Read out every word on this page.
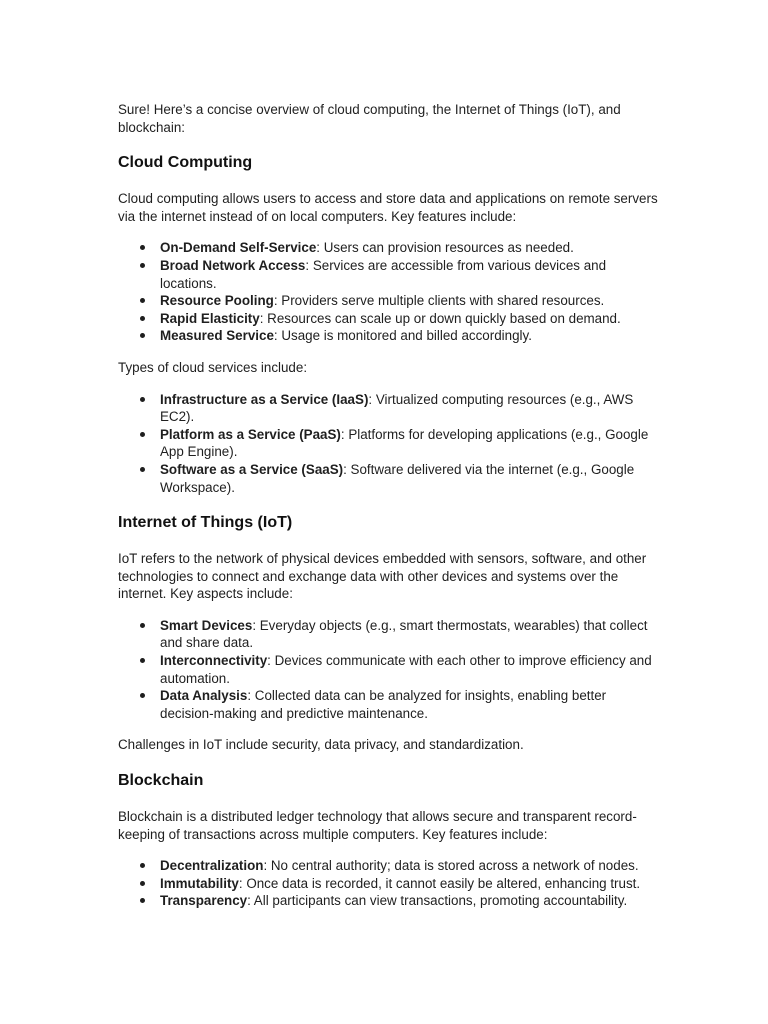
Sure! Here’s a concise overview of cloud computing, the Internet of Things (IoT), and blockchain:

Cloud Computing

Cloud computing allows users to access and store data and applications on remote servers via the internet instead of on local computers. Key features include:

On-Demand Self-Service: Users can provision resources as needed.
Broad Network Access: Services are accessible from various devices and locations.
Resource Pooling: Providers serve multiple clients with shared resources.
Rapid Elasticity: Resources can scale up or down quickly based on demand.
Measured Service: Usage is monitored and billed accordingly.

Types of cloud services include:

Infrastructure as a Service (IaaS): Virtualized computing resources (e.g., AWS EC2).
Platform as a Service (PaaS): Platforms for developing applications (e.g., Google App Engine).
Software as a Service (SaaS): Software delivered via the internet (e.g., Google Workspace).
Internet of Things (IoT)

IoT refers to the network of physical devices embedded with sensors, software, and other technologies to connect and exchange data with other devices and systems over the internet. Key aspects include:

Smart Devices: Everyday objects (e.g., smart thermostats, wearables) that collect and share data.
Interconnectivity: Devices communicate with each other to improve efficiency and automation.
Data Analysis: Collected data can be analyzed for insights, enabling better decision-making and predictive maintenance.

Challenges in IoT include security, data privacy, and standardization.

Blockchain

Blockchain is a distributed ledger technology that allows secure and transparent record-keeping of transactions across multiple computers. Key features include:

Decentralization: No central authority; data is stored across a network of nodes.
Immutability: Once data is recorded, it cannot easily be altered, enhancing trust.
Transparency: All participants can view transactions, promoting accountability.
